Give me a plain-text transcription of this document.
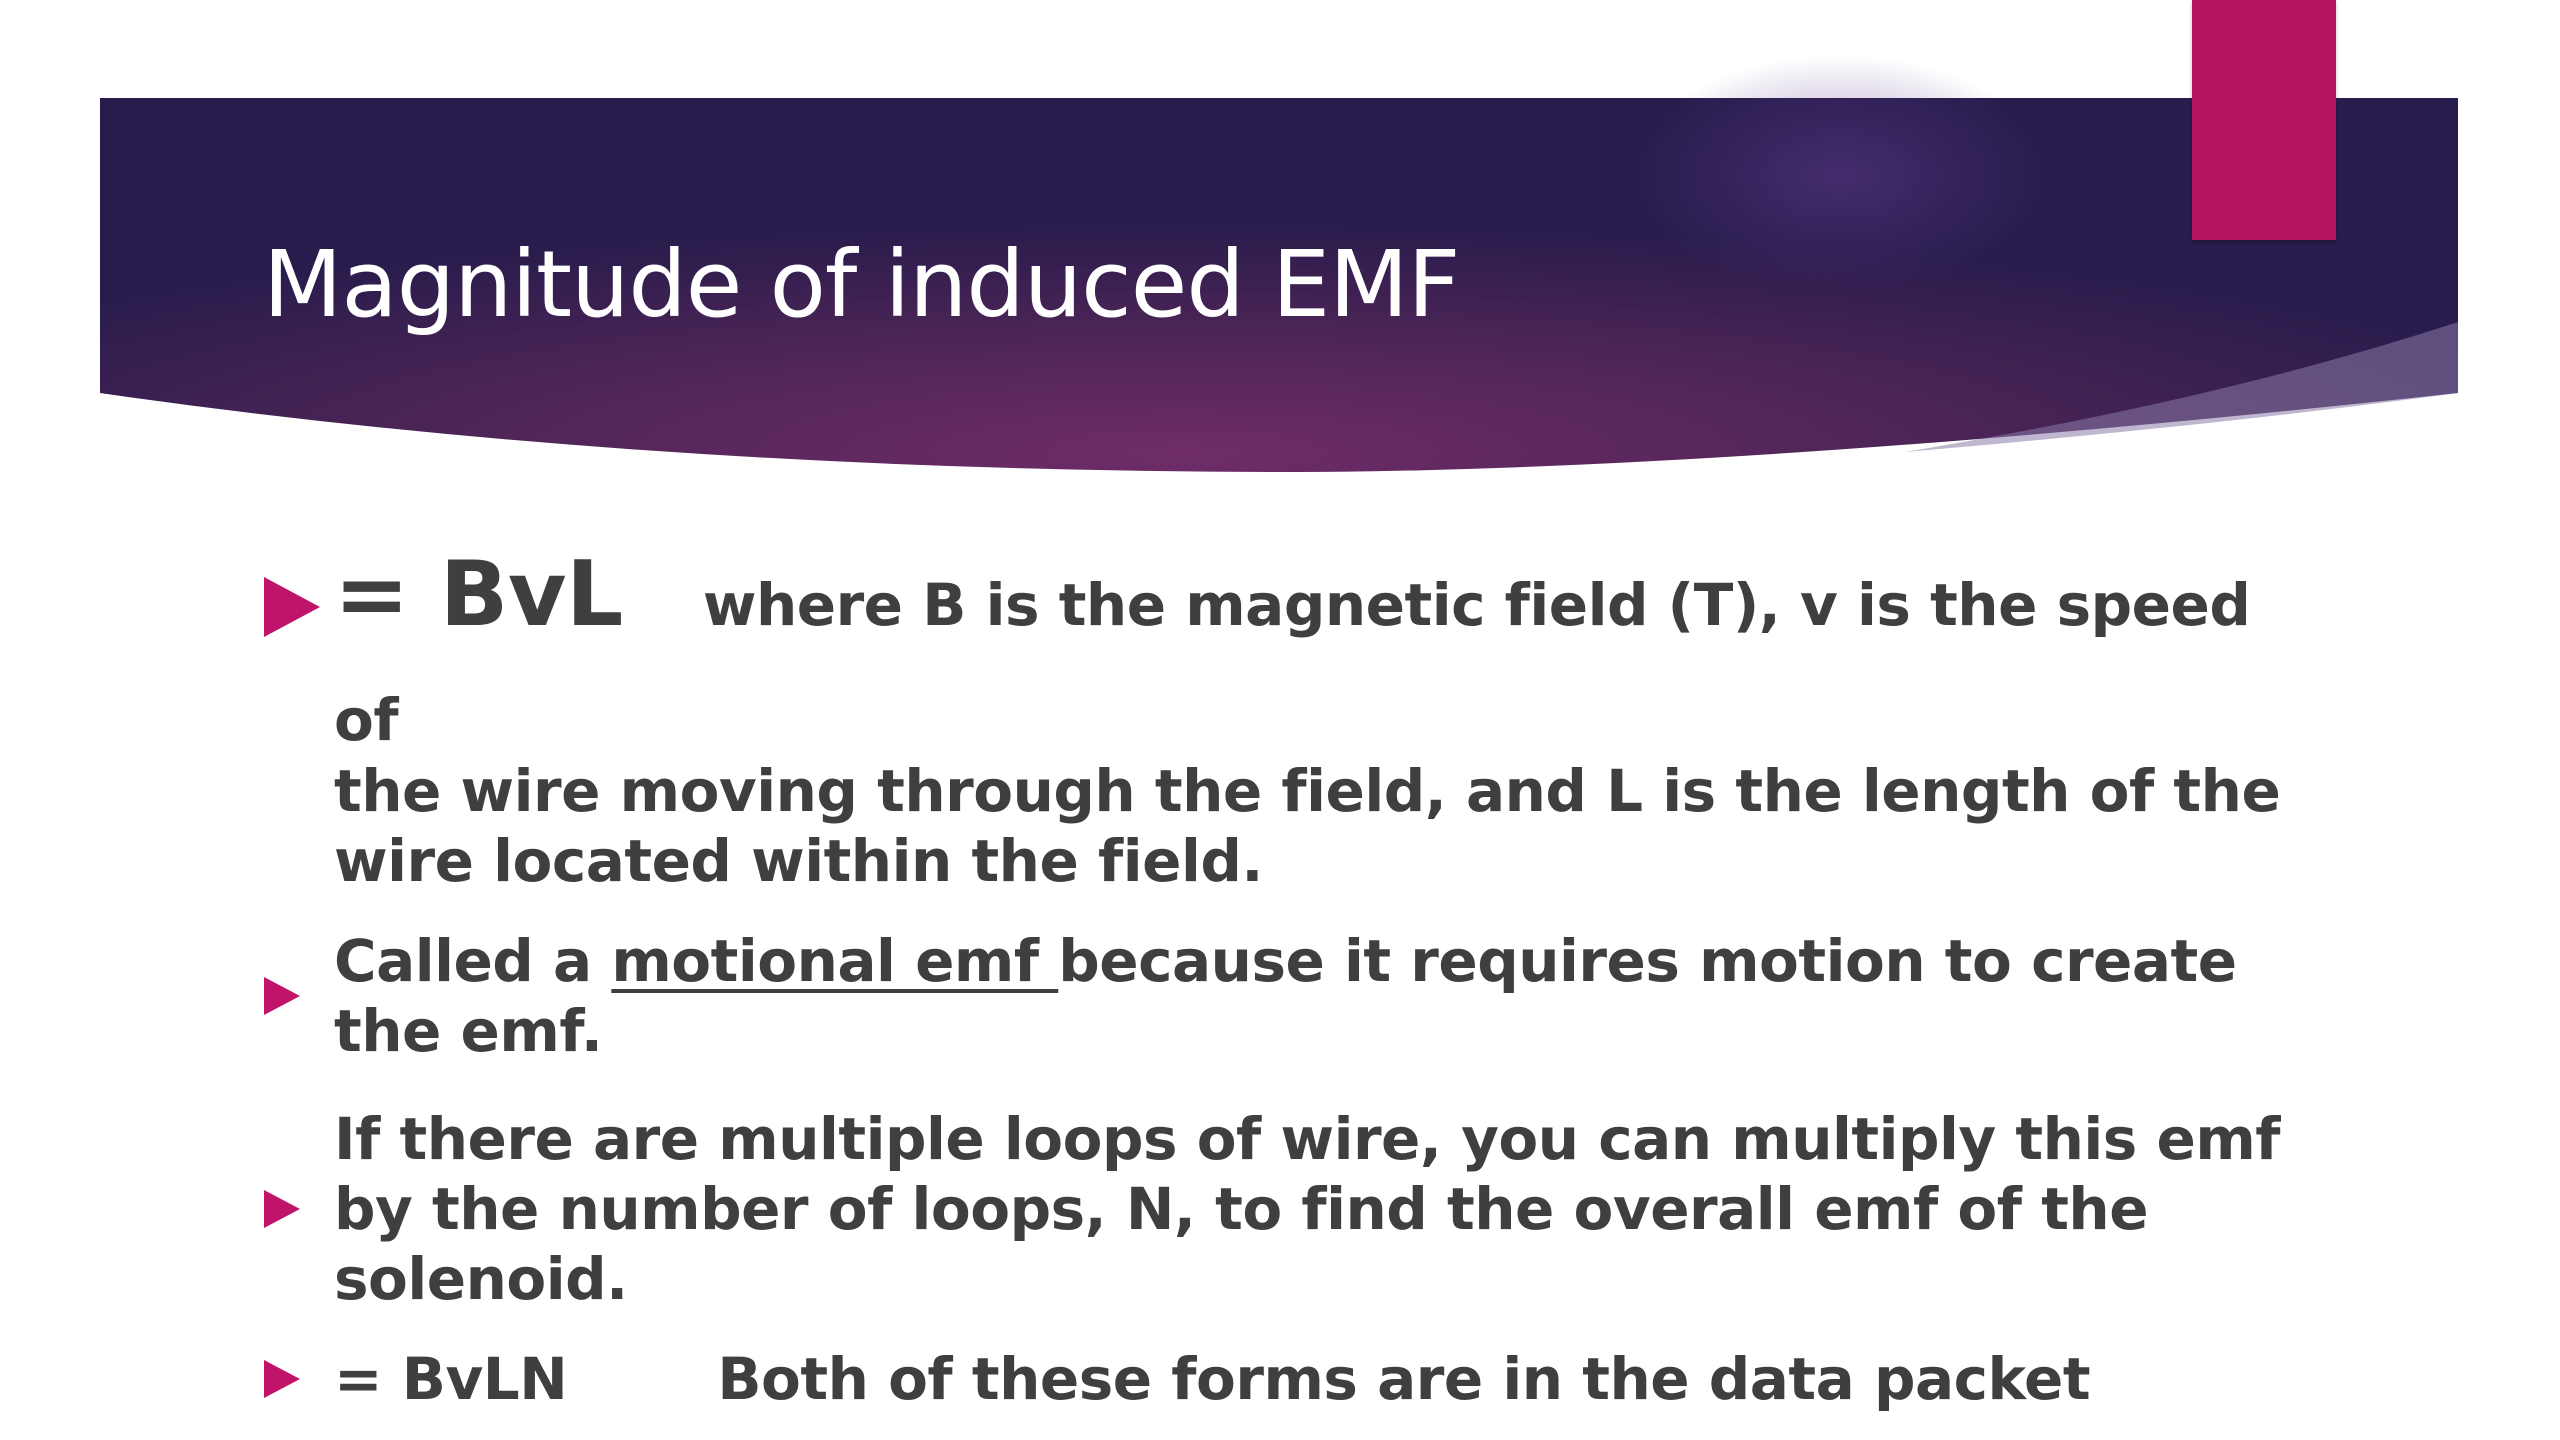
Magnitude of induced EMF
= BvL where B is the magnetic field (T), v is the speed of
the wire moving through the field, and L is the length of the wire located within the field.
Called a motional emf because it requires motion to create the emf.
If there are multiple loops of wire, you can multiply this emf by the number of loops, N, to find the overall emf of the solenoid.
= BvLN	Both of these forms are in the data packet
